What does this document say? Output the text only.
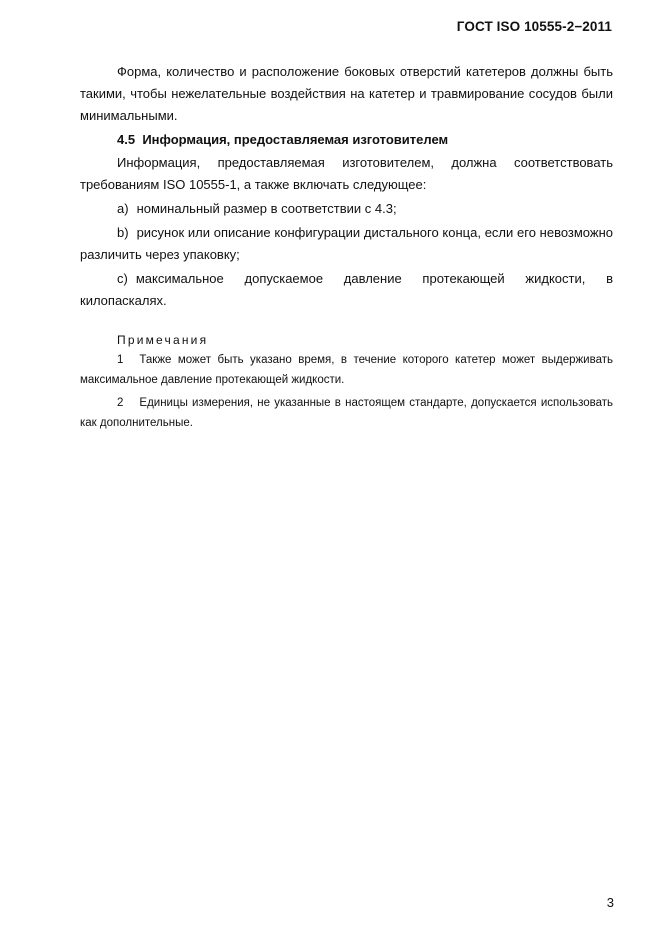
ГОСТ ISO 10555-2−2011

Форма, количество и расположение боковых отверстий катетеров должны быть такими, чтобы нежелательные воздействия на катетер и травмирование сосудов были минимальными.

4.5 Информация, предоставляемая изготовителем

Информация, предоставляемая изготовителем, должна соответствовать требованиям ISO 10555-1, а также включать следующее:

а) номинальный размер в соответствии с 4.3;

b) рисунок или описание конфигурации дистального конца, если его невозможно различить через упаковку;

с) максимальное допускаемое давление протекающей жидкости, в килопаскалях.

Примечания

1 Также может быть указано время, в течение которого катетер может выдерживать максимальное давление протекающей жидкости.

2 Единицы измерения, не указанные в настоящем стандарте, допускается использовать как дополнительные.

3
